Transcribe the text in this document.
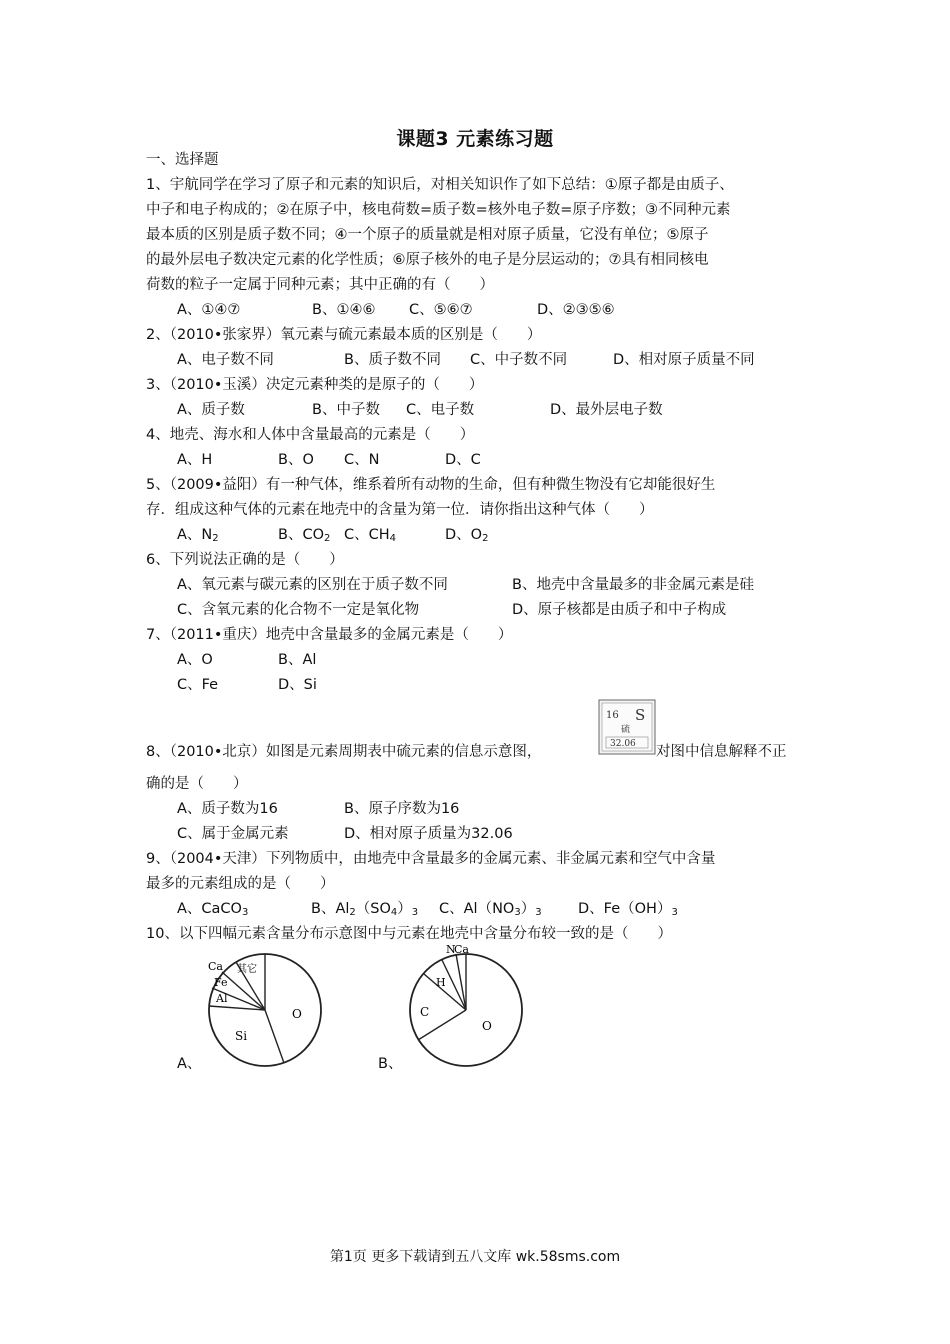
课题3 元素练习题
一、选择题
1、宇航同学在学习了原子和元素的知识后，对相关知识作了如下总结：①原子都是由质子、
中子和电子构成的；②在原子中，核电荷数=质子数=核外电子数=原子序数；③不同种元素
最本质的区别是质子数不同；④一个原子的质量就是相对原子质量，它没有单位；⑤原子
的最外层电子数决定元素的化学性质；⑥原子核外的电子是分层运动的；⑦具有相同核电
荷数的粒子一定属于同种元素；其中正确的有（　　）
A、①④⑦	B、①④⑥ C、⑤⑥⑦	D、②③⑤⑥
2、（2010•张家界）氧元素与硫元素最本质的区别是（　　）
A、电子数不同	B、质子数不同 C、中子数不同	D、相对原子质量不同
3、（2010•玉溪）决定元素种类的是原子的（　　）
A、质子数	B、中子数 C、电子数	D、最外层电子数
4、地壳、海水和人体中含量最高的元素是（　　）
A、H	B、O C、N	D、C
5、（2009•益阳）有一种气体，维系着所有动物的生命，但有种微生物没有它却能很好生
存．组成这种气体的元素在地壳中的含量为第一位．请你指出这种气体（　　）
A、$N_2$	B、$CO_2$ C、$CH_4$	D、$O_2$
6、下列说法正确的是（　　）
A、氧元素与碳元素的区别在于质子数不同	B、地壳中含量最多的非金属元素是硅
C、含氧元素的化合物不一定是氧化物	D、原子核都是由质子和中子构成
7、（2011•重庆）地壳中含量最多的金属元素是（　　）
A、O	B、Al
C、Fe	D、Si
8、（2010•北京）如图是元素周期表中硫元素的信息示意图，
16 S
硫
32.06 对图中信息解释不正
确的是（　　）
A、质子数为16	B、原子序数为16
C、属于金属元素	D、相对原子质量为32.06
9、（2004•天津）下列物质中，由地壳中含量最多的金属元素、非金属元素和空气中含量
最多的元素组成的是（　　）
A、CaCO$_3$	B、$Al_2(SO_4)_3$ C、$Al(NO_3)_3$	D、$Fe(OH)_3$
10、以下四幅元素含量分布示意图中与元素在地壳中含量分布较一致的是（　　）
Ca
Fe
Al
Si
O
其它
A、
N
Ca
H
C
O
B、
第1页 更多下载请到五八文库 wk.58sms.com
